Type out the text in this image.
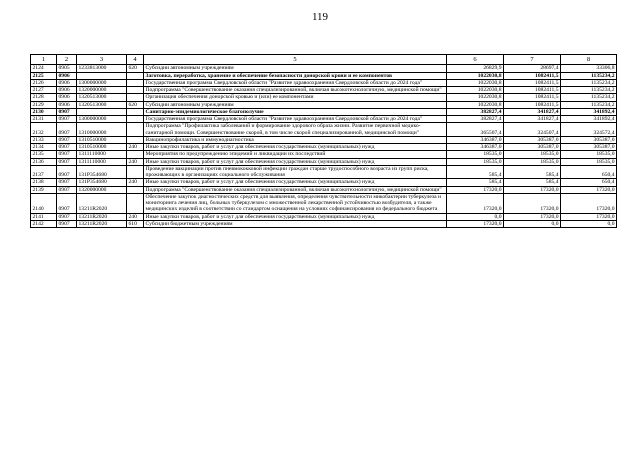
119
1	2	3	4	5	6	7	8
2124	0905	1233813000	620	Субсидии автономным учреждениям	26829,9	28697,4	33306,8
2125	0906			Заготовка, переработка, хранение и обеспечение безопасности донорской крови и ее компонентов	1022030,8	1082411,5	1135234,2
2126	0906	1300000000		Государственная программа Свердловской области "Развитие здравоохранения Свердловской области до 2024 года"	1022030,8	1082411,5	1135234,2
2127	0906	1320000000		Подпрограмма "Совершенствование оказания специализированной, включая высокотехнологичную, медицинской помощи"	1022030,8	1082411,5	1135234,2
2128	0906	1320513000		Организация обеспечения донорской кровью и (или) ее компонентами	1022030,8	1082411,5	1135234,2
2129	0906	1320513000	620	Субсидии автономным учреждениям	1022030,8	1082411,5	1135234,2
2130	0907			Санитарно-эпидемиологическое благополучие	382827,4	341827,4	341892,4
2131	0907	1300000000		Государственная программа Свердловской области "Развитие здравоохранения Свердловской области до 2024 года"	382827,4	341827,4	341892,4
2132	0907	1310000000		Подпрограмма "Профилактика заболеваний и формирование здорового образа жизни. Развитие первичной медико-санитарной помощи. Совершенствование скорой, в том числе скорой специализированной, медицинской помощи"	365507,4	324507,4	324572,4
2133	0907	1310510000		Вакцинопрофилактика и иммунодиагностика	346387,0	305387,0	305387,0
2134	0907	1310510000	240	Иные закупки товаров, работ и услуг для обеспечения государственных (муниципальных) нужд	346387,0	305387,0	305387,0
2135	0907	1311110000		Мероприятия по предупреждению эпидемий и ликвидации их последствий	18535,0	18535,0	18535,0
2136	0907	1311110000	240	Иные закупки товаров, работ и услуг для обеспечения государственных (муниципальных) нужд	18535,0	18535,0	18535,0
2137	0907	131P354680		Проведение вакцинации против пневмококковой инфекции граждан старше трудоспособного возраста из групп риска, проживающих в организациях социального обслуживания	585,4	585,4	650,4
2138	0907	131P354680	240	Иные закупки товаров, работ и услуг для обеспечения государственных (муниципальных) нужд	585,4	585,4	650,4
2139	0907	1320000000		Подпрограмма "Совершенствование оказания специализированной, включая высокотехнологичную, медицинской помощи"	17320,0	17320,0	17320,0
2140	0907	13211R2020		Обеспечение закупок диагностических средств для выявления, определения чувствительности микобактерии туберкулеза и мониторинга лечения лиц, больных туберкулезом с множественной лекарственной устойчивостью возбудителя, а также медицинских изделий в соответствии со стандартом оснащения на условиях софинансирования из федерального бюджета	17320,0	17320,0	17320,0
2141	0907	13211R2020	240	Иные закупки товаров, работ и услуг для обеспечения государственных (муниципальных) нужд	0,0	17320,0	17320,0
2142	0907	13211R2020	610	Субсидии бюджетным учреждениям	17320,0	0,0	0,0
